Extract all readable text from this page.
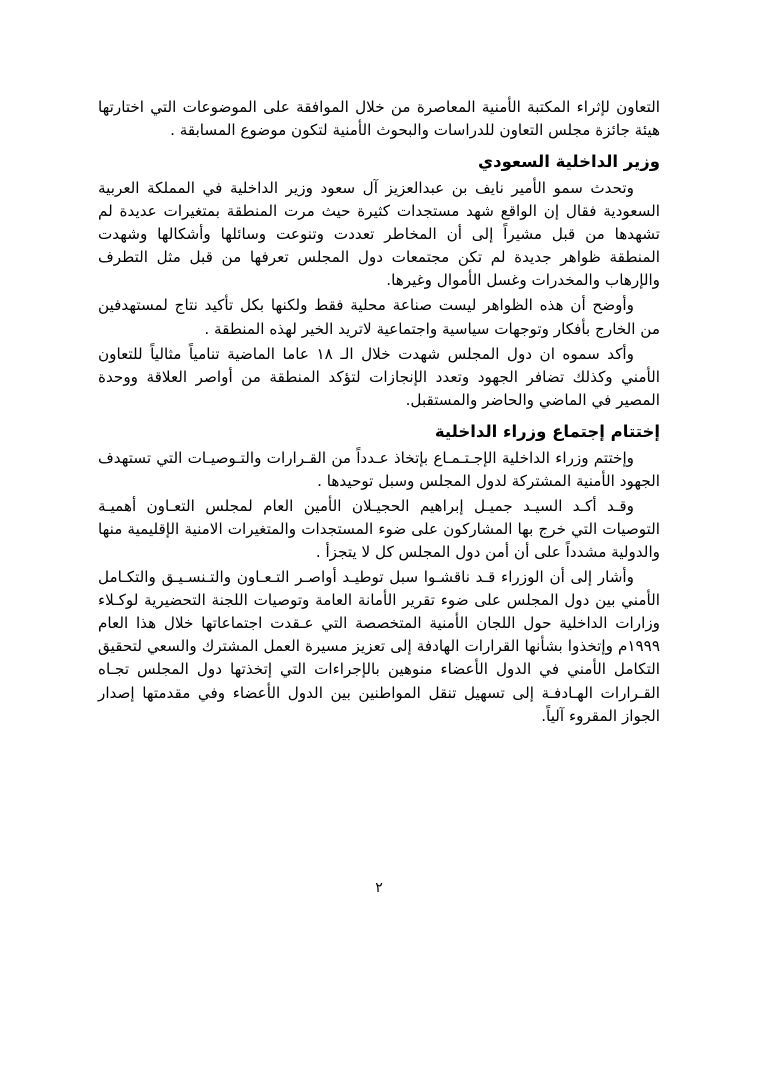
التعاون لإثراء المكتبة الأمنية المعاصرة من خلال الموافقة على الموضوعات التي اختارتها هيئة جائزة مجلس التعاون للدراسات والبحوث الأمنية لتكون موضوع المسابقة .

وزير الداخلية السعودي

وتحدث سمو الأمير نايف بن عبدالعزيز آل سعود وزير الداخلية في المملكة العربية السعودية فقال إن الواقع شهد مستجدات كثيرة حيث مرت المنطقة بمتغيرات عديدة لم تشهدها من قبل مشيراً إلى أن المخاطر تعددت وتنوعت وسائلها وأشكالها وشهدت المنطقة ظواهر جديدة لم تكن مجتمعات دول المجلس تعرفها من قبل مثل التطرف والإرهاب والمخدرات وغسل الأموال وغيرها.

وأوضح أن هذه الظواهر ليست صناعة محلية فقط ولكنها بكل تأكيد نتاج لمستهدفين من الخارج بأفكار وتوجهات سياسية واجتماعية لاتريد الخير لهذه المنطقة .

وأكد سموه ان دول المجلس شهدت خلال الـ ١٨ عاما الماضية تنامياً مثالياً للتعاون الأمني وكذلك تضافر الجهود وتعدد الإنجازات لتؤكد المنطقة من أواصر العلاقة ووحدة المصير في الماضي والحاضر والمستقبل.

إختتام إجتماع وزراء الداخلية

وإختتم وزراء الداخلية الإجـتـمـاع بإتخاذ عـدداً من القـرارات والتـوصيـات التي تستهدف الجهود الأمنية المشتركة لدول المجلس وسبل توحيدها .

وقـد أكـد السيـد جميـل إبراهيم الحجيـلان الأمين العام لمجلس التعـاون أهميـة التوصيات التي خرج بها المشاركون على ضوء المستجدات والمتغيرات الامنية الإقليمية منها والدولية مشدداً على أن أمن دول المجلس كل لا يتجزأ .

وأشار إلى أن الوزراء قـد ناقشـوا سبل توطيـد أواصـر التـعـاون والتـنسـيـق والتكـامل الأمني بين دول المجلس على ضوء تقرير الأمانة العامة وتوصيات اللجنة التحضيرية لوكـلاء وزارات الداخلية حول اللجان الأمنية المتخصصة التي عـقدت اجتماعاتها خلال هذا العام ١٩٩٩م وإتخذوا بشأنها القرارات الهادفة إلى تعزيز مسيرة العمل المشترك والسعي لتحقيق التكامل الأمني في الدول الأعضاء منوهين بالإجراءات التي إتخذتها دول المجلس تجـاه القـرارات الهـادفـة إلى تسهيل تنقل المواطنين بين الدول الأعضاء وفي مقدمتها إصدار الجواز المقروء آلياً.

٢
